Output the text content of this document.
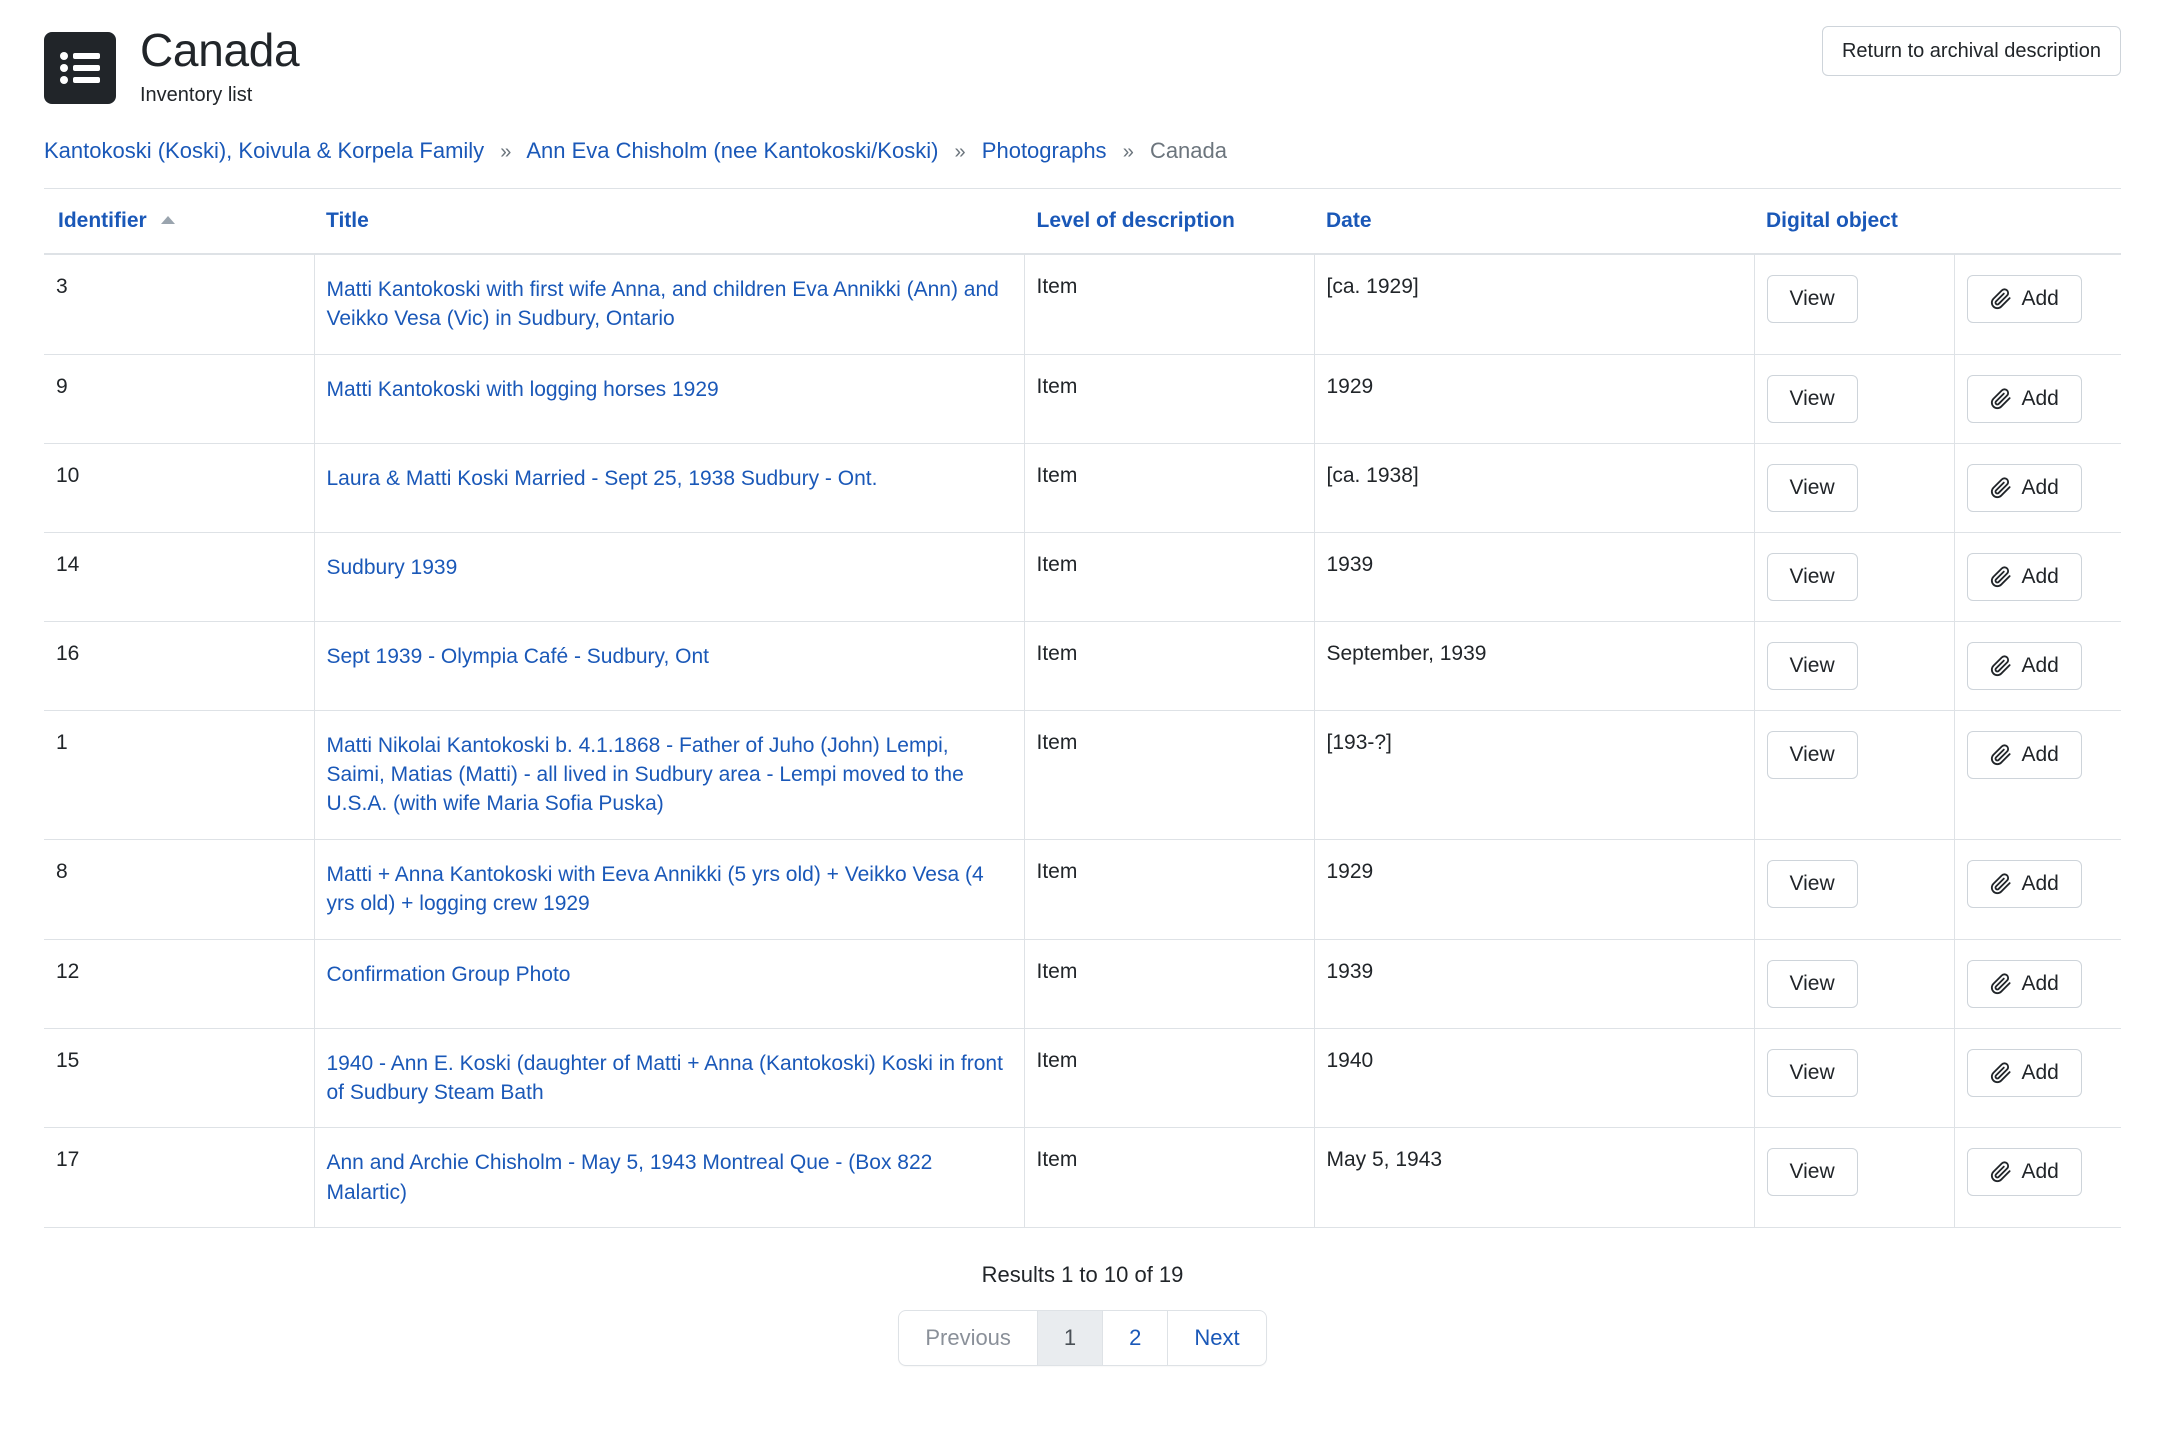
Canada
Inventory list
Return to archival description
Kantokoski (Koski), Koivula & Korpela Family » Ann Eva Chisholm (nee Kantokoski/Koski) » Photographs » Canada
Identifier	Title	Level of description	Date	Digital object	
3	Matti Kantokoski with first wife Anna, and children Eva Annikki (Ann) and Veikko Vesa (Vic) in Sudbury, Ontario	Item	[ca. 1929]	View	Add

9	Matti Kantokoski with logging horses 1929	Item	1929	View	Add

10	Laura & Matti Koski Married - Sept 25, 1938 Sudbury - Ont.	Item	[ca. 1938]	View	Add

14	Sudbury 1939	Item	1939	View	Add

16	Sept 1939 - Olympia Café - Sudbury, Ont	Item	September, 1939	View	Add

1	Matti Nikolai Kantokoski b. 4.1.1868 - Father of Juho (John) Lempi, Saimi, Matias (Matti) - all lived in Sudbury area - Lempi moved to the U.S.A. (with wife Maria Sofia Puska)	Item	[193-?]	View	Add

8	Matti + Anna Kantokoski with Eeva Annikki (5 yrs old) + Veikko Vesa (4 yrs old) + logging crew 1929	Item	1929	View	Add

12	Confirmation Group Photo	Item	1939	View	Add

15	1940 - Ann E. Koski (daughter of Matti + Anna (Kantokoski) Koski in front of Sudbury Steam Bath	Item	1940	View	Add

17	Ann and Archie Chisholm - May 5, 1943 Montreal Que - (Box 822 Malartic)	Item	May 5, 1943	View	Add
Results 1 to 10 of 19
Previous	1	2	Next
